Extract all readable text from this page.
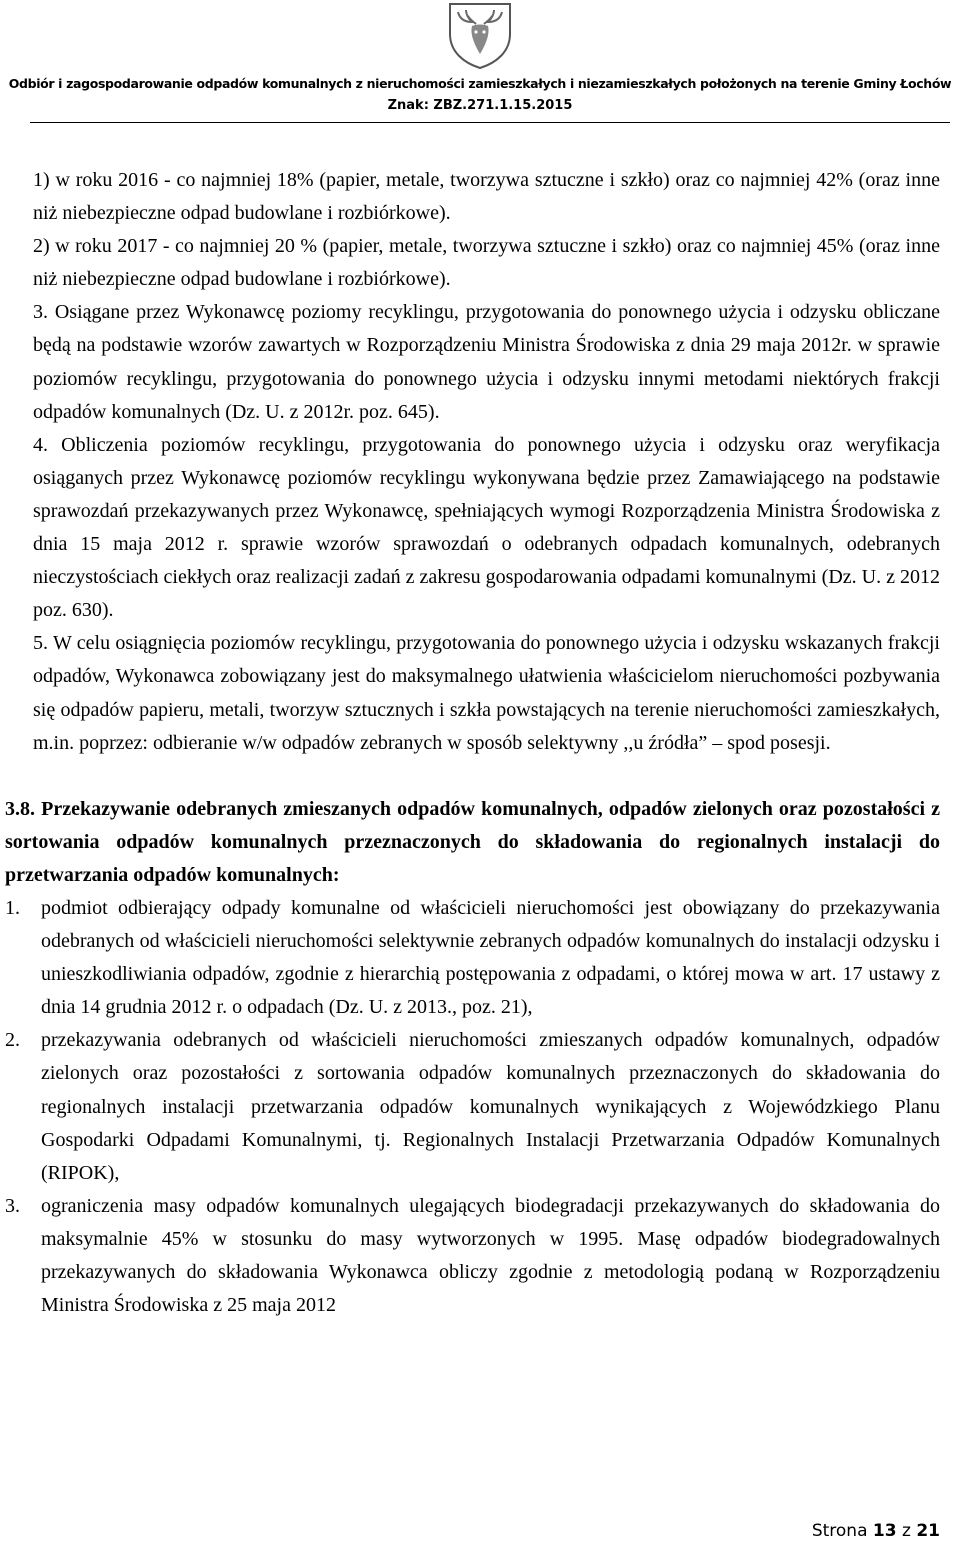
Odbiór i zagospodarowanie odpadów komunalnych z nieruchomości zamieszkałych i niezamieszkałych położonych na terenie Gminy Łochów
Znak: ZBZ.271.1.15.2015
1) w roku 2016 - co najmniej 18% (papier, metale, tworzywa sztuczne i szkło) oraz co najmniej 42% (oraz inne niż niebezpieczne odpad budowlane i rozbiórkowe).
2) w roku 2017 - co najmniej 20 % (papier, metale, tworzywa sztuczne i szkło) oraz co najmniej 45% (oraz inne niż niebezpieczne odpad budowlane i rozbiórkowe).
3. Osiągane przez Wykonawcę poziomy recyklingu, przygotowania do ponownego użycia i odzysku obliczane będą na podstawie wzorów zawartych w Rozporządzeniu Ministra Środowiska z dnia 29 maja 2012r. w sprawie poziomów recyklingu, przygotowania do ponownego użycia i odzysku innymi metodami niektórych frakcji odpadów komunalnych (Dz. U. z 2012r. poz. 645).
4. Obliczenia poziomów recyklingu, przygotowania do ponownego użycia i odzysku oraz weryfikacja osiąganych przez Wykonawcę poziomów recyklingu wykonywana będzie przez Zamawiającego na podstawie sprawozdań przekazywanych przez Wykonawcę, spełniających wymogi Rozporządzenia Ministra Środowiska z dnia 15 maja 2012 r. sprawie wzorów sprawozdań o odebranych odpadach komunalnych, odebranych nieczystościach ciekłych oraz realizacji zadań z zakresu gospodarowania odpadami komunalnymi (Dz. U. z 2012 poz. 630).
5. W celu osiągnięcia poziomów recyklingu, przygotowania do ponownego użycia i odzysku wskazanych frakcji odpadów, Wykonawca zobowiązany jest do maksymalnego ułatwienia właścicielom nieruchomości pozbywania się odpadów papieru, metali, tworzyw sztucznych i szkła powstających na terenie nieruchomości zamieszkałych, m.in. poprzez: odbieranie w/w odpadów zebranych w sposób selektywny ,,u źródła” – spod posesji.
3.8. Przekazywanie odebranych zmieszanych odpadów komunalnych, odpadów zielonych oraz pozostałości z sortowania odpadów komunalnych przeznaczonych do składowania do regionalnych instalacji do przetwarzania odpadów komunalnych:
1. podmiot odbierający odpady komunalne od właścicieli nieruchomości jest obowiązany do przekazywania odebranych od właścicieli nieruchomości selektywnie zebranych odpadów komunalnych do instalacji odzysku i unieszkodliwiania odpadów, zgodnie z hierarchią postępowania z odpadami, o której mowa w art. 17 ustawy z dnia 14 grudnia 2012 r. o odpadach (Dz. U. z 2013., poz. 21),
2. przekazywania odebranych od właścicieli nieruchomości zmieszanych odpadów komunalnych, odpadów zielonych oraz pozostałości z sortowania odpadów komunalnych przeznaczonych do składowania do regionalnych instalacji przetwarzania odpadów komunalnych wynikających z Wojewódzkiego Planu Gospodarki Odpadami Komunalnymi, tj. Regionalnych Instalacji Przetwarzania Odpadów Komunalnych (RIPOK),
3. ograniczenia masy odpadów komunalnych ulegających biodegradacji przekazywanych do składowania do maksymalnie 45% w stosunku do masy wytworzonych w 1995. Masę odpadów biodegradowalnych przekazywanych do składowania Wykonawca obliczy zgodnie z metodologią podaną w Rozporządzeniu Ministra Środowiska z 25 maja 2012
Strona 13 z 21
